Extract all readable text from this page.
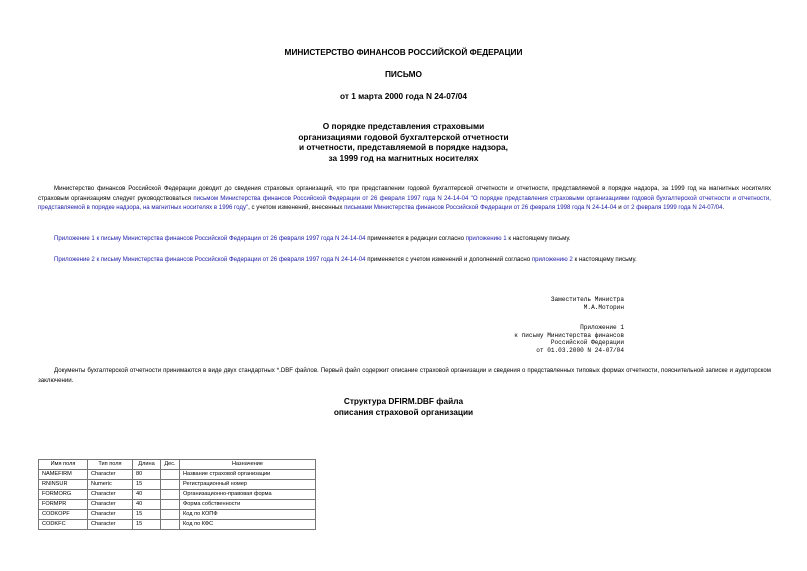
МИНИСТЕРСТВО ФИНАНСОВ РОССИЙСКОЙ ФЕДЕРАЦИИ
ПИСЬМО
от 1 марта 2000 года N 24-07/04
О порядке представления страховыми
организациями годовой бухгалтерской отчетности
и отчетности, представляемой в порядке надзора,
за 1999 год на магнитных носителях
Министерство финансов Российской Федерации доводит до сведения страховых организаций, что при представлении годовой бухгалтерской отчетности и отчетности, представляемой в порядке надзора, за 1999 год на магнитных носителях страховым организациям следует руководствоваться письмом Министерства финансов Российской Федерации от 26 февраля 1997 года N 24-14-04 "О порядке представления страховыми организациями годовой бухгалтерской отчетности и отчетности, представляемой в порядке надзора, на магнитных носителях в 1996 году", с учетом изменений, внесенных письмами Министерства финансов Российской Федерации от 26 февраля 1998 года N 24-14-04 и от 2 февраля 1999 года N 24-07/04.
Приложение 1 к письму Министерства финансов Российской Федерации от 26 февраля 1997 года N 24-14-04 применяется в редакции согласно приложению 1 к настоящему письму.
Приложение 2 к письму Министерства финансов Российской Федерации от 26 февраля 1997 года N 24-14-04 применяется с учетом изменений и дополнений согласно приложению 2 к настоящему письму.
Заместитель Министра
М.А.Моторин
Приложение 1
к письму Министерства финансов
Российской Федерации
от 01.03.2000 N 24-07/04
Документы бухгалтерской отчетности принимаются в виде двух стандартных *.DBF файлов. Первый файл содержит описание страховой организации и сведения о представленных типовых формах отчетности, пояснительной записке и аудиторском заключении.
Структура DFIRM.DBF файла
описания страховой организации
Имя поля	Тип поля	Длина	Дес.	Назначение
NAMEFIRM	Character	80		Название страховой организации
RNINSUR	Numeric	15		Регистрационный номер
FORMORG	Character	40		Организационно-правовая форма
FORMPR	Character	40		Форма собственности
CODKOPF	Character	15		Код по КОПФ
CODKFC	Character	15		Код по КФС
